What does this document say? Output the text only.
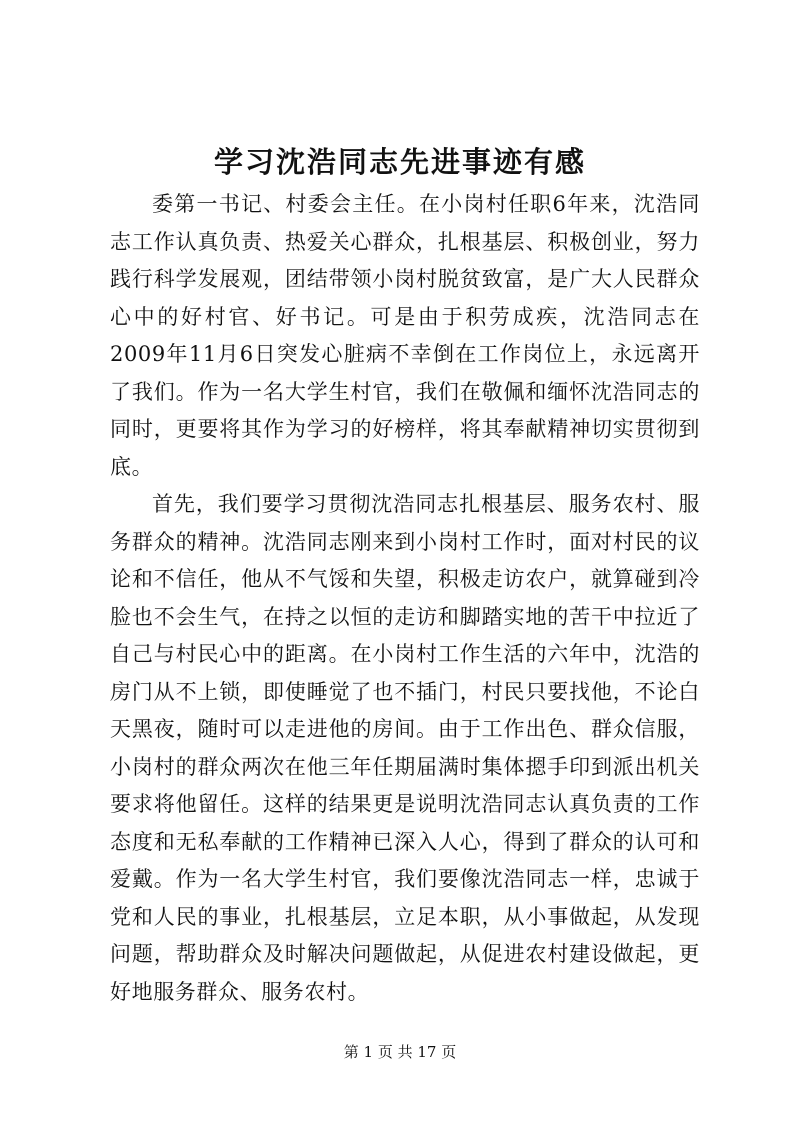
学习沈浩同志先进事迹有感

委第一书记、村委会主任。在小岗村任职6年来，沈浩同志工作认真负责、热爱关心群众，扎根基层、积极创业，努力践行科学发展观，团结带领小岗村脱贫致富，是广大人民群众心中的好村官、好书记。可是由于积劳成疾，沈浩同志在2009年11月6日突发心脏病不幸倒在工作岗位上，永远离开了我们。作为一名大学生村官，我们在敬佩和缅怀沈浩同志的同时，更要将其作为学习的好榜样，将其奉献精神切实贯彻到底。

首先，我们要学习贯彻沈浩同志扎根基层、服务农村、服务群众的精神。沈浩同志刚来到小岗村工作时，面对村民的议论和不信任，他从不气馁和失望，积极走访农户，就算碰到冷脸也不会生气，在持之以恒的走访和脚踏实地的苦干中拉近了自己与村民心中的距离。在小岗村工作生活的六年中，沈浩的房门从不上锁，即使睡觉了也不插门，村民只要找他，不论白天黑夜，随时可以走进他的房间。由于工作出色、群众信服，小岗村的群众两次在他三年任期届满时集体摁手印到派出机关要求将他留任。这样的结果更是说明沈浩同志认真负责的工作态度和无私奉献的工作精神已深入人心，得到了群众的认可和爱戴。作为一名大学生村官，我们要像沈浩同志一样，忠诚于党和人民的事业，扎根基层，立足本职，从小事做起，从发现问题，帮助群众及时解决问题做起，从促进农村建设做起，更好地服务群众、服务农村。

第 1 页 共 17 页
